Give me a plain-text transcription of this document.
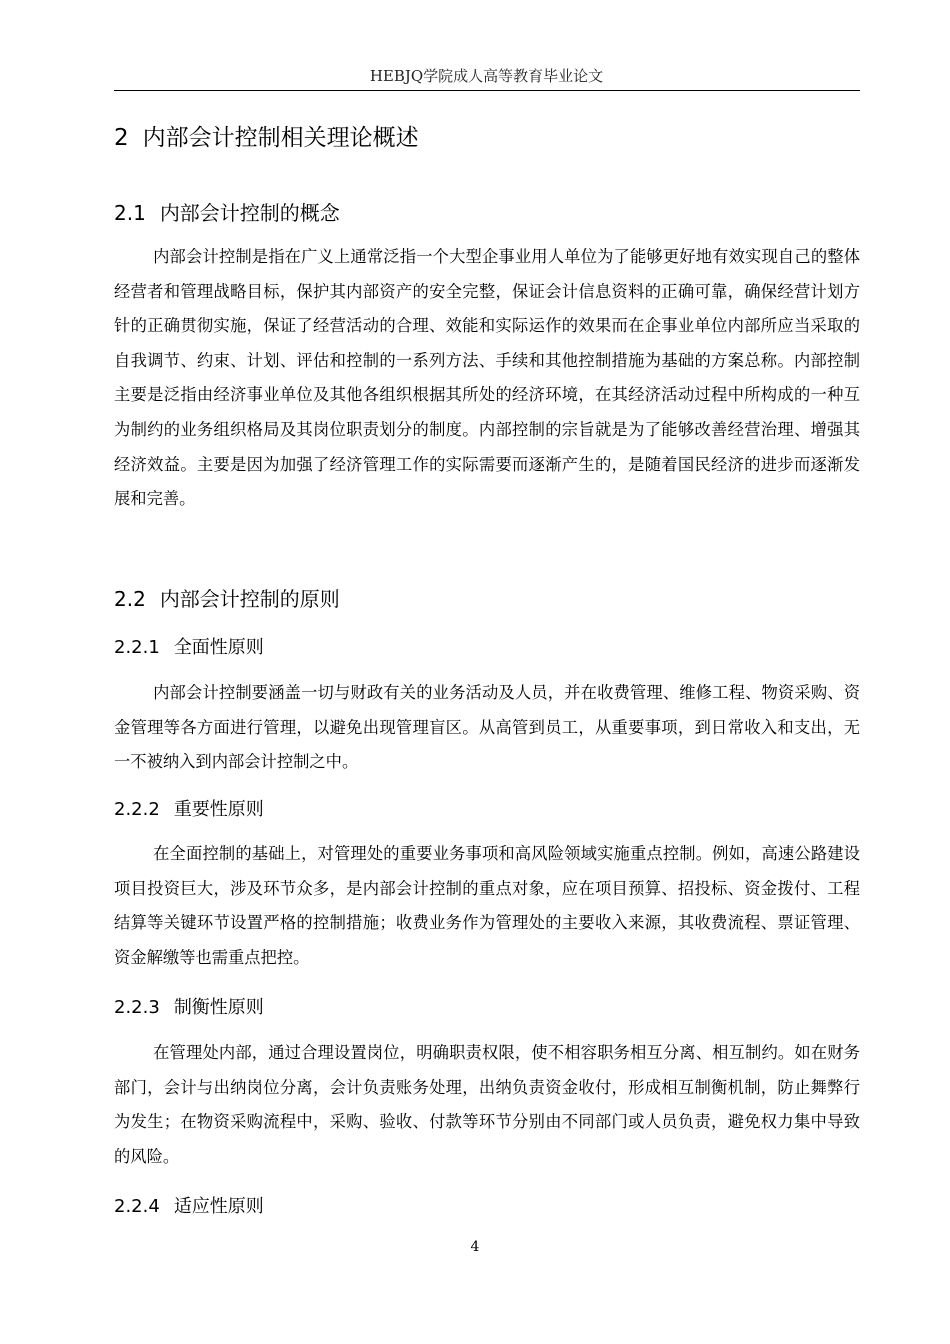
HEBJQ学院成人高等教育毕业论文
2 内部会计控制相关理论概述
2.1 内部会计控制的概念

内部会计控制是指在广义上通常泛指一个大型企事业用人单位为了能够更好地有效实现自己的整体经营者和管理战略目标，保护其内部资产的安全完整，保证会计信息资料的正确可靠，确保经营计划方针的正确贯彻实施，保证了经营活动的合理、效能和实际运作的效果而在企事业单位内部所应当采取的自我调节、约束、计划、评估和控制的一系列方法、手续和其他控制措施为基础的方案总称。内部控制主要是泛指由经济事业单位及其他各组织根据其所处的经济环境，在其经济活动过程中所构成的一种互为制约的业务组织格局及其岗位职责划分的制度。内部控制的宗旨就是为了能够改善经营治理、增强其经济效益。主要是因为加强了经济管理工作的实际需要而逐渐产生的，是随着国民经济的进步而逐渐发展和完善。

2.2 内部会计控制的原则
2.2.1 全面性原则

内部会计控制要涵盖一切与财政有关的业务活动及人员，并在收费管理、维修工程、物资采购、资金管理等各方面进行管理，以避免出现管理盲区。从高管到员工，从重要事项，到日常收入和支出，无一不被纳入到内部会计控制之中。

2.2.2 重要性原则

在全面控制的基础上，对管理处的重要业务事项和高风险领域实施重点控制。例如，高速公路建设项目投资巨大，涉及环节众多，是内部会计控制的重点对象，应在项目预算、招投标、资金拨付、工程结算等关键环节设置严格的控制措施；收费业务作为管理处的主要收入来源，其收费流程、票证管理、资金解缴等也需重点把控。

2.2.3 制衡性原则

在管理处内部，通过合理设置岗位，明确职责权限，使不相容职务相互分离、相互制约。如在财务部门，会计与出纳岗位分离，会计负责账务处理，出纳负责资金收付，形成相互制衡机制，防止舞弊行为发生；在物资采购流程中，采购、验收、付款等环节分别由不同部门或人员负责，避免权力集中导致的风险。

2.2.4 适应性原则
4
